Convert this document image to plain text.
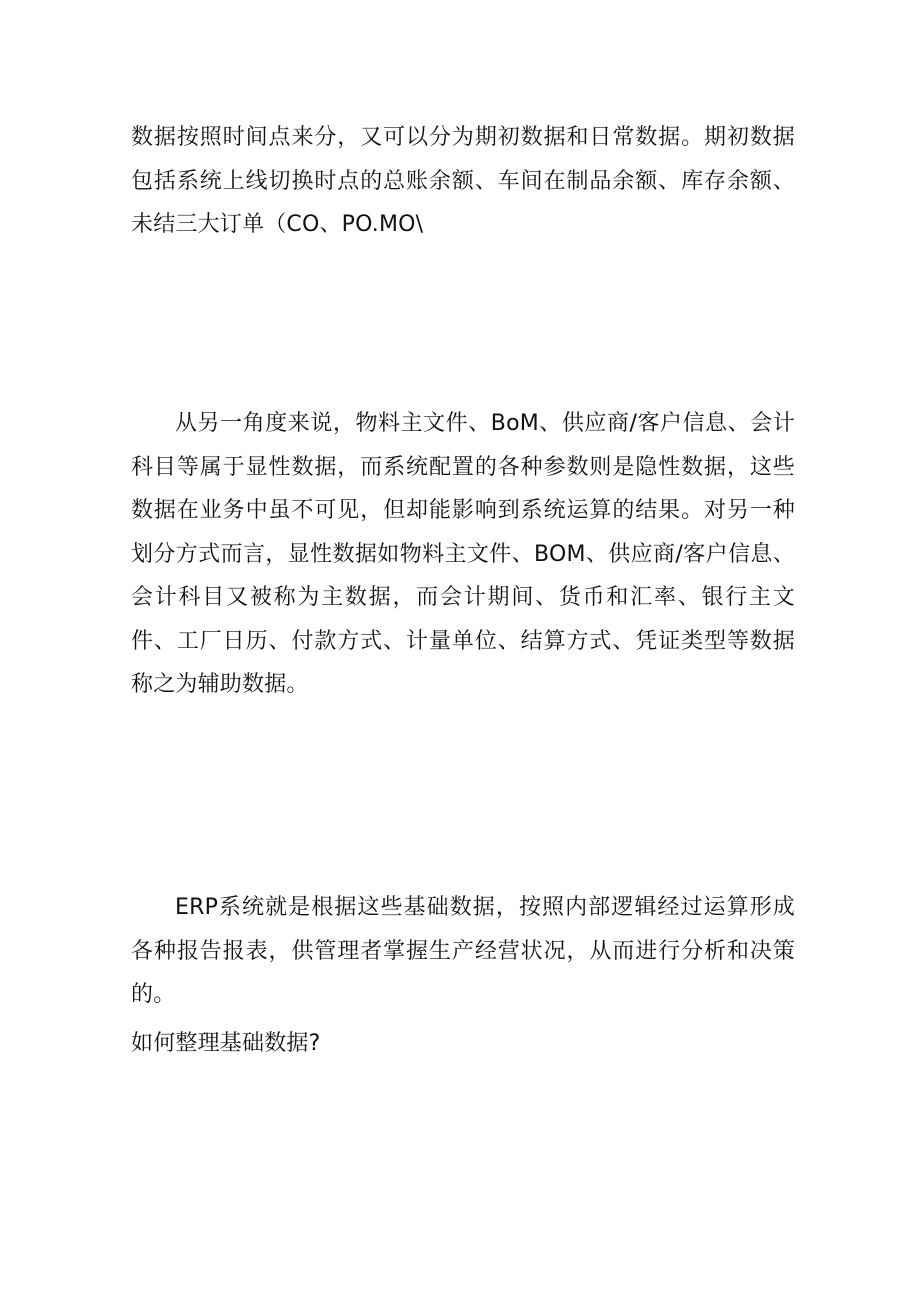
数据按照时间点来分，又可以分为期初数据和日常数据。期初数据包括系统上线切换时点的总账余额、车间在制品余额、库存余额、未结三大订单（CO、PO.MO\

从另一角度来说，物料主文件、BoM、供应商/客户信息、会计科目等属于显性数据，而系统配置的各种参数则是隐性数据，这些数据在业务中虽不可见，但却能影响到系统运算的结果。对另一种划分方式而言，显性数据如物料主文件、BOM、供应商/客户信息、会计科目又被称为主数据，而会计期间、货币和汇率、银行主文件、工厂日历、付款方式、计量单位、结算方式、凭证类型等数据称之为辅助数据。

ERP系统就是根据这些基础数据，按照内部逻辑经过运算形成各种报告报表，供管理者掌握生产经营状况，从而进行分析和决策的。

如何整理基础数据?
